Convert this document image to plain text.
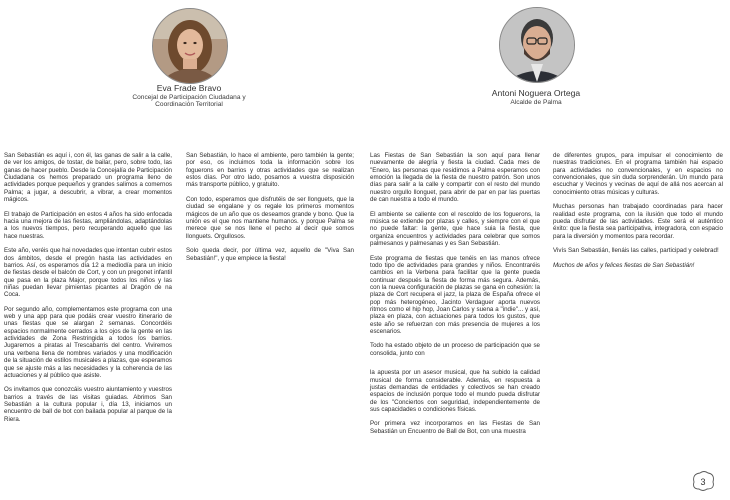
Eva Frade Bravo
Concejal de Participación Ciudadana y Coordinación Territorial
Antoni Noguera Ortega
Alcalde de Palma

San Sebastián es aquí i, con él, las ganas de salir a la calle, de ver los amigos, de tostar, de bailar, pero, sobre todo, las ganas de hacer pueblo. Desde la Concejalía de Participación Ciudadana os hemos preparado un programa lleno de actividades porque pequeños y grandes salimos a comernos Palma; a jugar, a descubrir, a vibrar, a crear momentos mágicos.

El trabajo de Participación en estos 4 años ha sido enfocada hacia una mejora de las fiestas, ampliándolas, adaptándolas a los nuevos tiempos, pero recuperando aquello que las hace nuestras.

Este año, veréis que hai novedades que intentan cubrir estos dos ámbitos, desde el pregón hasta las actividades en barrios. Así, os esperamos día 12 a mediodía para un inicio de fiestas desde el balcón de Cort, y con un pregonet infantil que pasa en la plaza Major, porque todos los niños y las niñas puedan llevar pimientas picantes al Dragón de na Coca.

Por segundo año, complementamos este programa con una web y una app para que podáis crear vuestro itinerario de unas fiestas que se alargan 2 semanas. Concordéis espacios normalmente cerrados a los ojos de la gente en las actividades de Zona Restringida a todos los barrios. Jugaremos a piratas al Trescabarris del centro. Viviremos una verbena llena de nombres variados y una modificación de la situación de estilos musicales a plazas, que esperamos que se ajuste más a las necesidades y la coherencia de las actuaciones y al público que asiste.

Os invitamos que conozcáis vuestro aiuntamiento y vuestros barrios a través de las visitas guiadas. Abrimos San Sebastián a la cultura popular i, día 13, iniciamos un encuentro de ball de bot con bailada popular al parque de la Riera.

San Sebastián, lo hace el ambiente, pero también la gente; por eso, os incluimos toda la información sobre los foguerons en barrios y otras actividades que se realizan estos días. Por otro lado, posamos a vuestra disposición más transporte público, y gratuito.

Con todo, esperamos que disfrutéis de ser llonguets, que la ciudad se engalane y os regale los primeros momentos mágicos de un año que os deseamos grande y bono. Que la unión es el que nos mantiene humanos. y porque Palma se merece que se nos llene el pecho al decir que somos llonguets. Orgullosos.

Solo queda decir, por última vez, aquello de "Viva San Sebastián!", y que empiece la fiesta!

Las Fiestas de San Sebastián la son aquí para llenar nuevamente de alegría y fiesta la ciudad. Cada mes de "Enero, las personas que residimos a Palma esperamos con emoción la llegada de la fiesta de nuestro patrón. Son unos días para salir a la calle y compartir con el resto del mundo nuestro orgullo llonguet, para abrir de par en par las puertas de can nuestra a todo el mundo.

El ambiente se caliente con el rescoldo de los foguerons, la música se extiende por plazas y calles, y siempre con el que no puede faltar: la gente, que hace suia la fiesta, que organiza encuentros y actividades para celebrar que somos palmesanos y palmesanas y es San Sebastián.

Este programa de fiestas que tenéis en las manos ofrece todo tipo de actividades para grandes y niños. Encontraréis cambios en la Verbena para facilitar que la gente pueda continuar después la fiesta de forma más segura. Además, con la nueva configuración de plazas se gana en cohesión: la plaza de Cort recupera el jazz, la plaza de España ofrece el pop más heterogéneo, Jacinto Verdaguer aporta nuevos ritmos como el hip hop, Joan Carlos y suena a "indie"... y así, plaza en plaza, con actuaciones para todos los gustos, que este año se refuerzan con más presencia de mujeres a los escenarios.

Todo ha estado objeto de un proceso de participación que se consolida, junto con

la apuesta por un asesor musical, que ha subido la calidad musical de forma considerable. Además, en respuesta a justas demandas de entidades y colectivos se han creado espacios de inclusión porque todo el mundo pueda disfrutar de los "Conciertos con seguridad, independientemente de sus capacidades o condiciones físicas.

Por primera vez incorporamos en las Fiestas de San Sebastián un Encuentro de Ball de Bot, con una muestra

de diferentes grupos, para impulsar el conocimiento de nuestras tradiciones. En el programa también hai espacio para actividades no convencionales, y en espacios no convencionales, que sin duda sorprenderán. Un mundo para escuchar y Vecinos y vecinas de aquí de allá nos acercan al conocimiento otras músicas y culturas.

Muchas personas han trabajado coordinadas para hacer realidad este programa, con la ilusión que todo el mundo pueda disfrutar de las actividades. Este será el auténtico éxito: que la fiesta sea participativa, integradora, con espacio para la diversión y momentos para recordar.

Vivís San Sebastián, llenáis las calles, participad y celebrad!

Muchos de años y felices fiestas de San Sebastián!

3
